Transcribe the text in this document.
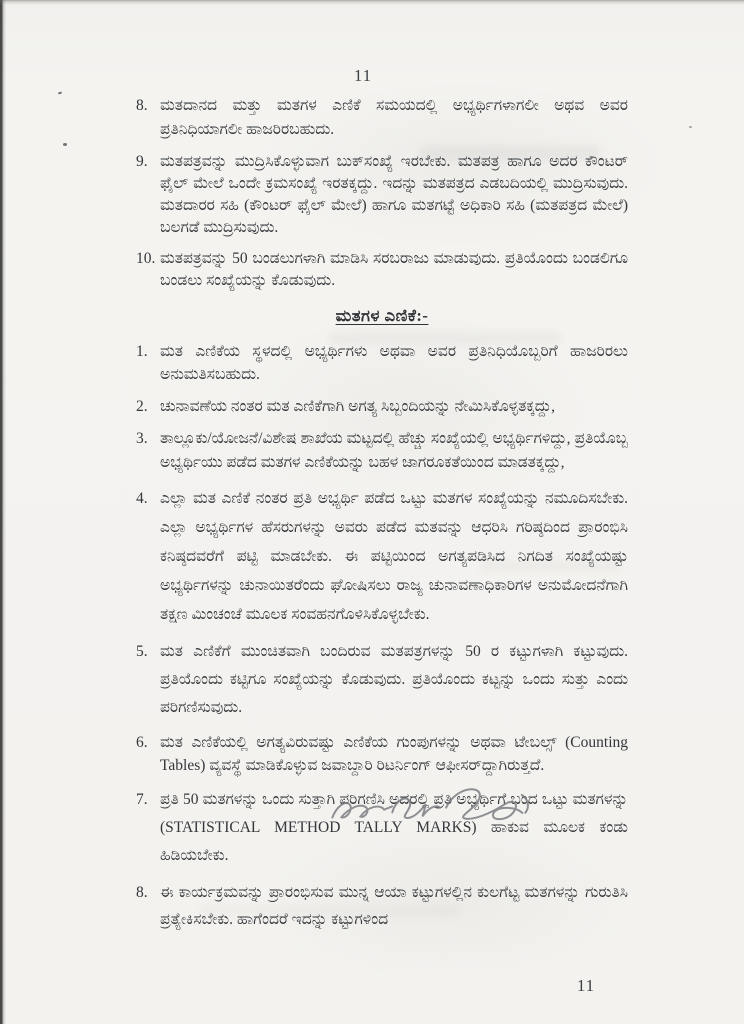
11
8. ಮತದಾನದ ಮತ್ತು ಮತಗಳ ಎಣಿಕೆ ಸಮಯದಲ್ಲಿ ಅಭ್ಯರ್ಥಿಗಳಾಗಲೀ ಅಥವ ಅವರ ಪ್ರತಿನಿಧಿಯಾಗಲೀ ಹಾಜರಿರಬಹುದು.
9. ಮತಪತ್ರವನ್ನು ಮುದ್ರಿಸಿಕೊಳ್ಳುವಾಗ ಬುಕ್‌ಸಂಖ್ಯೆ ಇರಬೇಕು. ಮತಪತ್ರ ಹಾಗೂ ಅದರ ಕೌಂಟರ್ ಫೈಲ್ ಮೇಲೆ ಒಂದೇ ಕ್ರಮಸಂಖ್ಯೆ ಇರತಕ್ಕದ್ದು. ಇದನ್ನು ಮತಪತ್ರದ ಎಡಬದಿಯಲ್ಲಿ ಮುದ್ರಿಸುವುದು. ಮತದಾರರ ಸಹಿ (ಕೌಂಟರ್ ಫೈಲ್ ಮೇಲೆ) ಹಾಗೂ ಮತಗಟ್ಟೆ ಅಧಿಕಾರಿ ಸಹಿ (ಮತಪತ್ರದ ಮೇಲೆ) ಬಲಗಡೆ ಮುದ್ರಿಸುವುದು.
10. ಮತಪತ್ರವನ್ನು 50 ಬಂಡಲುಗಳಾಗಿ ಮಾಡಿಸಿ ಸರಬರಾಜು ಮಾಡುವುದು. ಪ್ರತಿಯೊಂದು ಬಂಡಲಿಗೂ ಬಂಡಲು ಸಂಖ್ಯೆಯನ್ನು ಕೊಡುವುದು.
ಮತಗಳ ಎಣಿಕೆ:-
1. ಮತ ಎಣಿಕೆಯ ಸ್ಥಳದಲ್ಲಿ ಅಭ್ಯರ್ಥಿಗಳು ಅಥವಾ ಅವರ ಪ್ರತಿನಿಧಿಯೊಬ್ಬರಿಗೆ ಹಾಜರಿರಲು ಅನುಮತಿಸಬಹುದು.
2. ಚುನಾವಣೆಯ ನಂತರ ಮತ ಎಣಿಕೆಗಾಗಿ ಅಗತ್ಯ ಸಿಬ್ಬಂದಿಯನ್ನು ನೇಮಿಸಿಕೊಳ್ಳತಕ್ಕದ್ದು,
3. ತಾಲ್ಲೂಕು/ಯೋಜನೆ/ವಿಶೇಷ ಶಾಖೆಯ ಮಟ್ಟದಲ್ಲಿ ಹೆಚ್ಚು ಸಂಖ್ಯೆಯಲ್ಲಿ ಅಭ್ಯರ್ಥಿಗಳಿದ್ದು, ಪ್ರತಿಯೊಬ್ಬ ಅಭ್ಯರ್ಥಿಯು ಪಡೆದ ಮತಗಳ ಎಣಿಕೆಯನ್ನು ಬಹಳ ಜಾಗರೂಕತೆಯಿಂದ ಮಾಡತಕ್ಕದ್ದು,
4. ಎಲ್ಲಾ ಮತ ಎಣಿಕೆ ನಂತರ ಪ್ರತಿ ಅಭ್ಯರ್ಥಿ ಪಡೆದ ಒಟ್ಟು ಮತಗಳ ಸಂಖ್ಯೆಯನ್ನು ನಮೂದಿಸಬೇಕು. ಎಲ್ಲಾ ಅಭ್ಯರ್ಥಿಗಳ ಹೆಸರುಗಳನ್ನು ಅವರು ಪಡೆದ ಮತವನ್ನು ಆಧರಿಸಿ ಗರಿಷ್ಠದಿಂದ ಪ್ರಾರಂಭಿಸಿ ಕನಿಷ್ಠದವರೆಗೆ ಪಟ್ಟಿ ಮಾಡಬೇಕು. ಈ ಪಟ್ಟಿಯಿಂದ ಅಗತ್ಯಪಡಿಸಿದ ನಿಗದಿತ ಸಂಖ್ಯೆಯಷ್ಟು ಅಭ್ಯರ್ಥಿಗಳನ್ನು ಚುನಾಯಿತರೆಂದು ಘೋಷಿಸಲು ರಾಜ್ಯ ಚುನಾವಣಾಧಿಕಾರಿಗಳ ಅನುಮೋದನೆಗಾಗಿ ತಕ್ಷಣ ಮಿಂಚಂಚೆ ಮೂಲಕ ಸಂವಹನಗೊಳಿಸಿಕೊಳ್ಳಬೇಕು.
5. ಮತ ಎಣಿಕೆಗೆ ಮುಂಚಿತವಾಗಿ ಬಂದಿರುವ ಮತಪತ್ರಗಳನ್ನು 50 ರ ಕಟ್ಟುಗಳಾಗಿ ಕಟ್ಟುವುದು. ಪ್ರತಿಯೊಂದು ಕಟ್ಟಿಗೂ ಸಂಖ್ಯೆಯನ್ನು ಕೊಡುವುದು. ಪ್ರತಿಯೊಂದು ಕಟ್ಟನ್ನು ಒಂದು ಸುತ್ತು ಎಂದು ಪರಿಗಣಿಸುವುದು.
6. ಮತ ಎಣಿಕೆಯಲ್ಲಿ ಅಗತ್ಯವಿರುವಷ್ಟು ಎಣಿಕೆಯ ಗುಂಪುಗಳನ್ನು ಅಥವಾ ಟೇಬಲ್ಸ್ (Counting Tables) ವ್ಯವಸ್ಥೆ ಮಾಡಿಕೊಳ್ಳುವ ಜವಾಬ್ದಾರಿ ರಿಟರ್ನಿಂಗ್ ಆಫೀಸರ್‌ದ್ದಾಗಿರುತ್ತದೆ.
7. ಪ್ರತಿ 50 ಮತಗಳನ್ನು ಒಂದು ಸುತ್ತಾಗಿ ಪರಿಗಣಿಸಿ ಅದರಲ್ಲಿ ಪ್ರತಿ ಅಭ್ಯರ್ಥಿಗೆ ಬಂದ ಒಟ್ಟು ಮತಗಳನ್ನು (STATISTICAL METHOD TALLY MARKS) ಹಾಕುವ ಮೂಲಕ ಕಂಡು ಹಿಡಿಯಬೇಕು.
8. ಈ ಕಾರ್ಯಕ್ರಮವನ್ನು ಪ್ರಾರಂಭಿಸುವ ಮುನ್ನ ಆಯಾ ಕಟ್ಟುಗಳಲ್ಲಿನ ಕುಲಗೆಟ್ಟ ಮತಗಳನ್ನು ಗುರುತಿಸಿ ಪ್ರತ್ಯೇಕಿಸಬೇಕು. ಹಾಗೆಂದರೆ ಇದನ್ನು ಕಟ್ಟುಗಳಿಂದ
11
